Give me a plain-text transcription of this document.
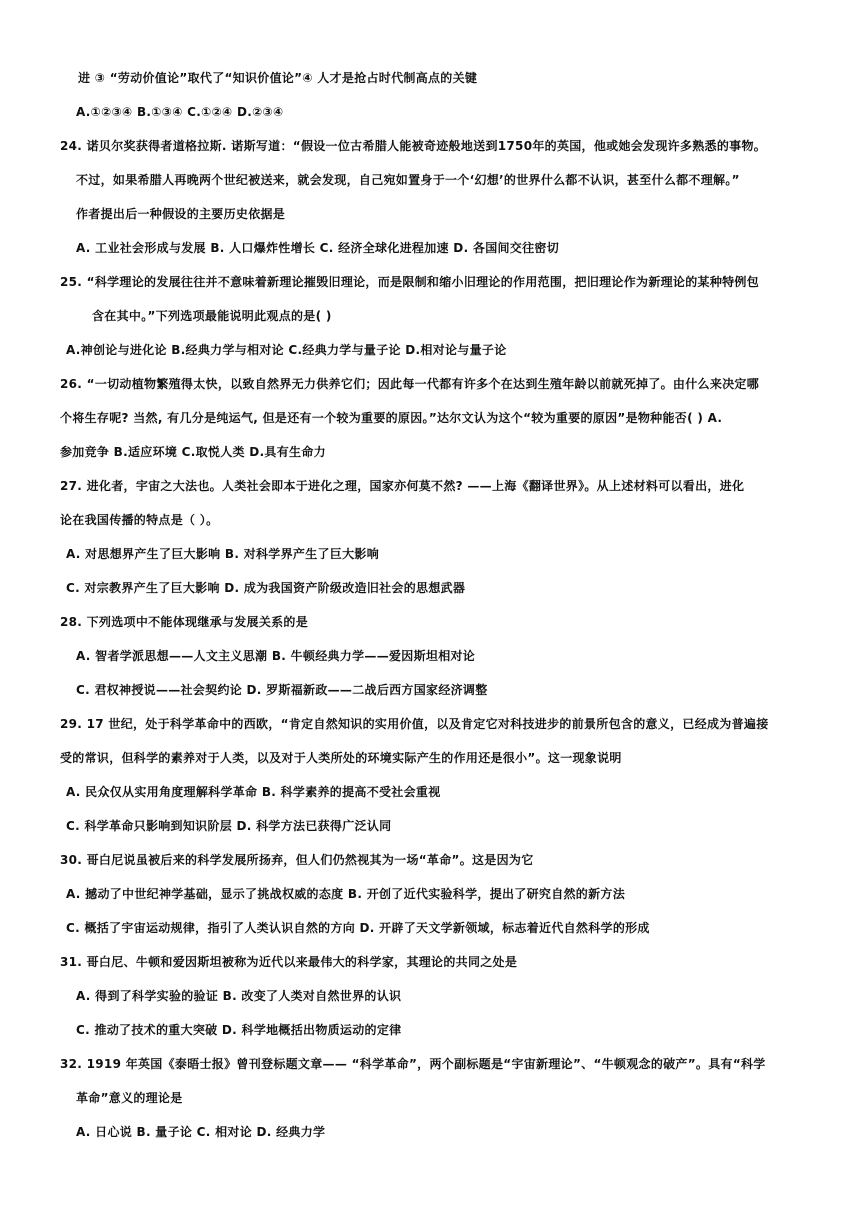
进 ③ “劳动价值论”取代了“知识价值论”④ 人才是抢占时代制高点的关键
A.①②③④ B.①③④ C.①②④ D.②③④
24. 诺贝尔奖获得者道格拉斯. 诺斯写道：“假设一位古希腊人能被奇迹般地送到1750年的英国，他或她会发现许多熟悉的事物。
不过，如果希腊人再晚两个世纪被送来，就会发现，自己宛如置身于一个‘幻想’的世界什么都不认识，甚至什么都不理解。”
作者提出后一种假设的主要历史依据是
A. 工业社会形成与发展 B. 人口爆炸性增长 C. 经济全球化进程加速 D. 各国间交往密切
25. “科学理论的发展往往并不意味着新理论摧毁旧理论，而是限制和缩小旧理论的作用范围，把旧理论作为新理论的某种特例包
含在其中。”下列选项最能说明此观点的是( )
A.神创论与进化论 B.经典力学与相对论 C.经典力学与量子论 D.相对论与量子论
26. “一切动植物繁殖得太快，以致自然界无力供养它们；因此每一代都有许多个在达到生殖年龄以前就死掉了。由什么来决定哪
个将生存呢? 当然, 有几分是纯运气, 但是还有一个较为重要的原因。”达尔文认为这个“较为重要的原因”是物种能否( ) A.
参加竞争 B.适应环境 C.取悦人类 D.具有生命力
27. 进化者，宇宙之大法也。人类社会即本于进化之理，国家亦何莫不然? ——上海《翻译世界》。从上述材料可以看出，进化
论在我国传播的特点是（ ）。
A. 对思想界产生了巨大影响 B. 对科学界产生了巨大影响
C. 对宗教界产生了巨大影响 D. 成为我国资产阶级改造旧社会的思想武器
28. 下列选项中不能体现继承与发展关系的是
A. 智者学派思想——人文主义思潮 B. 牛顿经典力学——爱因斯坦相对论
C. 君权神授说——社会契约论 D. 罗斯福新政——二战后西方国家经济调整
29. 17 世纪，处于科学革命中的西欧，“肯定自然知识的实用价值，以及肯定它对科技进步的前景所包含的意义，已经成为普遍接
受的常识，但科学的素养对于人类，以及对于人类所处的环境实际产生的作用还是很小”。这一现象说明
A. 民众仅从实用角度理解科学革命 B. 科学素养的提高不受社会重视
C. 科学革命只影响到知识阶层 D. 科学方法已获得广泛认同
30. 哥白尼说虽被后来的科学发展所扬弃，但人们仍然视其为一场“革命”。这是因为它
A. 撼动了中世纪神学基础，显示了挑战权威的态度 B. 开创了近代实验科学，提出了研究自然的新方法
C. 概括了宇宙运动规律，指引了人类认识自然的方向 D. 开辟了天文学新领域，标志着近代自然科学的形成
31. 哥白尼、牛顿和爱因斯坦被称为近代以来最伟大的科学家，其理论的共同之处是
A. 得到了科学实验的验证 B. 改变了人类对自然世界的认识
C. 推动了技术的重大突破 D. 科学地概括出物质运动的定律
32. 1919 年英国《泰晤士报》曾刊登标题文章—— “科学革命”，两个副标题是“宇宙新理论”、“牛顿观念的破产”。具有“科学
革命”意义的理论是
A. 日心说 B. 量子论 C. 相对论 D. 经典力学
